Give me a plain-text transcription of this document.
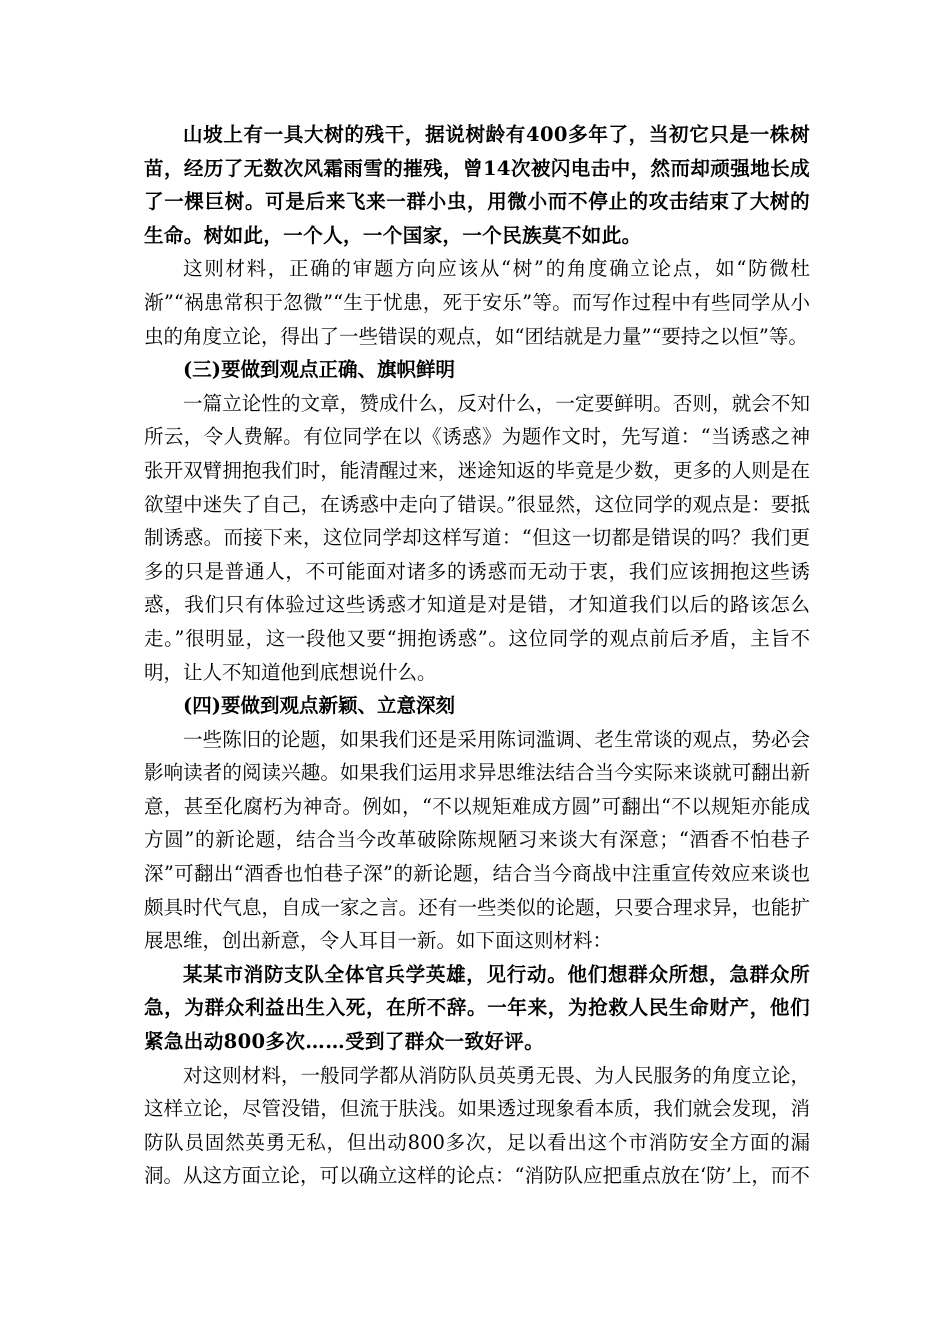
山坡上有一具大树的残干，据说树龄有400多年了，当初它只是一株树苗，经历了无数次风霜雨雪的摧残，曾14次被闪电击中，然而却顽强地长成了一棵巨树。可是后来飞来一群小虫，用微小而不停止的攻击结束了大树的生命。树如此，一个人，一个国家，一个民族莫不如此。

这则材料，正确的审题方向应该从“树”的角度确立论点，如“防微杜渐”“祸患常积于忽微”“生于忧患，死于安乐”等。而写作过程中有些同学从小虫的角度立论，得出了一些错误的观点，如“团结就是力量”“要持之以恒”等。

(三)要做到观点正确、旗帜鲜明

一篇立论性的文章，赞成什么，反对什么，一定要鲜明。否则，就会不知所云，令人费解。有位同学在以《诱惑》为题作文时，先写道：“当诱惑之神张开双臂拥抱我们时，能清醒过来，迷途知返的毕竟是少数，更多的人则是在欲望中迷失了自己，在诱惑中走向了错误。”很显然，这位同学的观点是：要抵制诱惑。而接下来，这位同学却这样写道：“但这一切都是错误的吗？我们更多的只是普通人，不可能面对诸多的诱惑而无动于衷，我们应该拥抱这些诱惑，我们只有体验过这些诱惑才知道是对是错，才知道我们以后的路该怎么走。”很明显，这一段他又要“拥抱诱惑”。这位同学的观点前后矛盾，主旨不明，让人不知道他到底想说什么。

(四)要做到观点新颖、立意深刻

一些陈旧的论题，如果我们还是采用陈词滥调、老生常谈的观点，势必会影响读者的阅读兴趣。如果我们运用求异思维法结合当今实际来谈就可翻出新意，甚至化腐朽为神奇。例如，“不以规矩难成方圆”可翻出“不以规矩亦能成方圆”的新论题，结合当今改革破除陈规陋习来谈大有深意；“酒香不怕巷子深”可翻出“酒香也怕巷子深”的新论题，结合当今商战中注重宣传效应来谈也颇具时代气息，自成一家之言。还有一些类似的论题，只要合理求异，也能扩展思维，创出新意，令人耳目一新。如下面这则材料：

某某市消防支队全体官兵学英雄，见行动。他们想群众所想，急群众所急，为群众利益出生入死，在所不辞。一年来，为抢救人民生命财产，他们紧急出动800多次……受到了群众一致好评。

对这则材料，一般同学都从消防队员英勇无畏、为人民服务的角度立论，这样立论，尽管没错，但流于肤浅。如果透过现象看本质，我们就会发现，消防队员固然英勇无私，但出动800多次，足以看出这个市消防安全方面的漏洞。从这方面立论，可以确立这样的论点：“消防队应把重点放在‘防’上，而不
